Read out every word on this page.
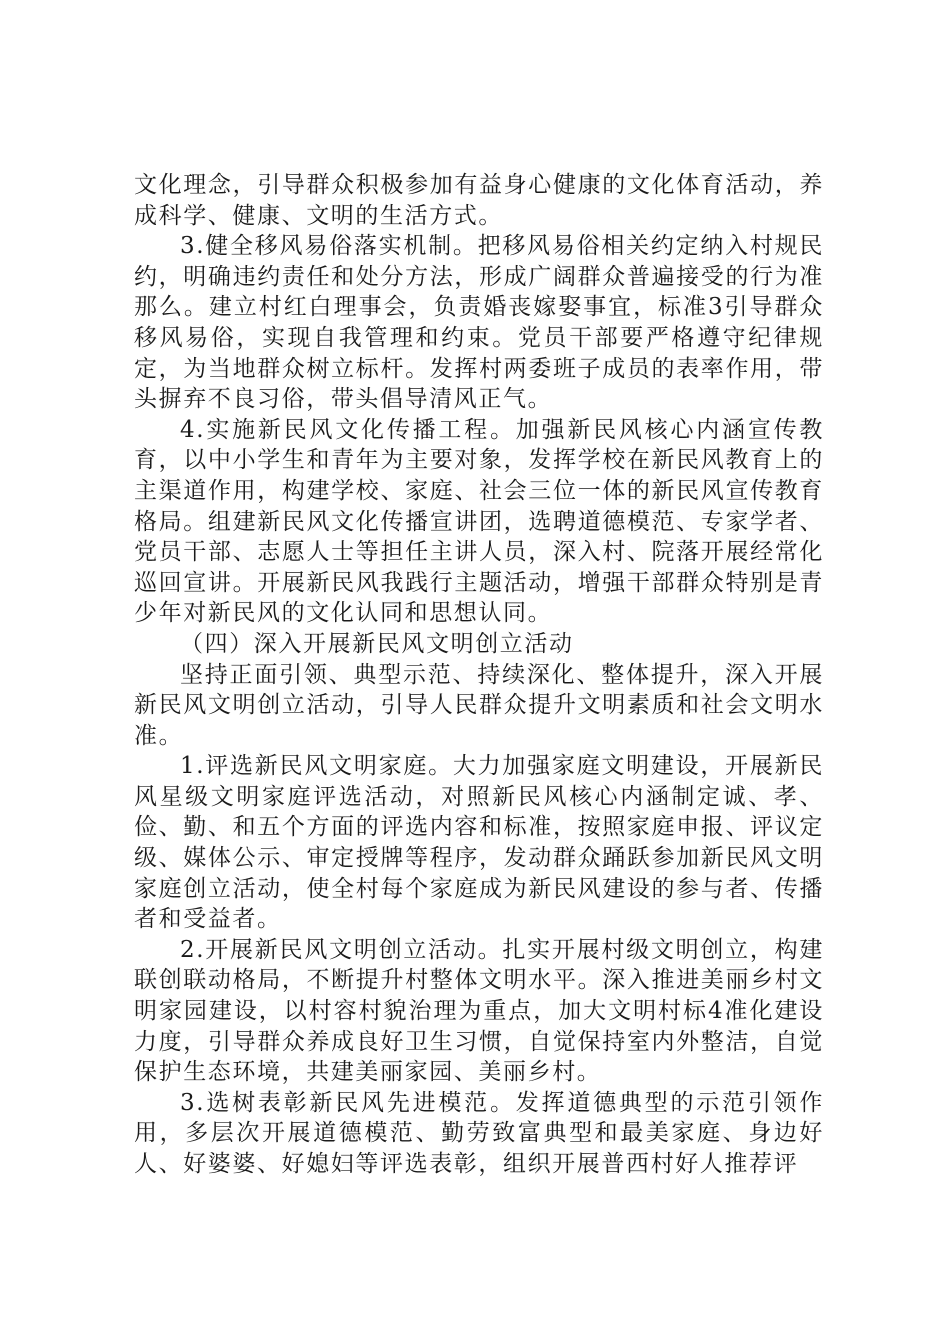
文化理念，引导群众积极参加有益身心健康的文化体育活动，养成科学、健康、文明的生活方式。

3.健全移风易俗落实机制。把移风易俗相关约定纳入村规民约，明确违约责任和处分方法，形成广阔群众普遍接受的行为准那么。建立村红白理事会，负责婚丧嫁娶事宜，标准3引导群众移风易俗，实现自我管理和约束。党员干部要严格遵守纪律规定，为当地群众树立标杆。发挥村两委班子成员的表率作用，带头摒弃不良习俗，带头倡导清风正气。

4.实施新民风文化传播工程。加强新民风核心内涵宣传教育，以中小学生和青年为主要对象，发挥学校在新民风教育上的主渠道作用，构建学校、家庭、社会三位一体的新民风宣传教育格局。组建新民风文化传播宣讲团，选聘道德模范、专家学者、党员干部、志愿人士等担任主讲人员，深入村、院落开展经常化巡回宣讲。开展新民风我践行主题活动，增强干部群众特别是青少年对新民风的文化认同和思想认同。

（四）深入开展新民风文明创立活动

坚持正面引领、典型示范、持续深化、整体提升，深入开展新民风文明创立活动，引导人民群众提升文明素质和社会文明水准。

1.评选新民风文明家庭。大力加强家庭文明建设，开展新民风星级文明家庭评选活动，对照新民风核心内涵制定诚、孝、俭、勤、和五个方面的评选内容和标准，按照家庭申报、评议定级、媒体公示、审定授牌等程序，发动群众踊跃参加新民风文明家庭创立活动，使全村每个家庭成为新民风建设的参与者、传播者和受益者。

2.开展新民风文明创立活动。扎实开展村级文明创立，构建联创联动格局，不断提升村整体文明水平。深入推进美丽乡村文明家园建设，以村容村貌治理为重点，加大文明村标4准化建设力度，引导群众养成良好卫生习惯，自觉保持室内外整洁，自觉保护生态环境，共建美丽家园、美丽乡村。

3.选树表彰新民风先进模范。发挥道德典型的示范引领作用，多层次开展道德模范、勤劳致富典型和最美家庭、身边好人、好婆婆、好媳妇等评选表彰，组织开展普西村好人推荐评
